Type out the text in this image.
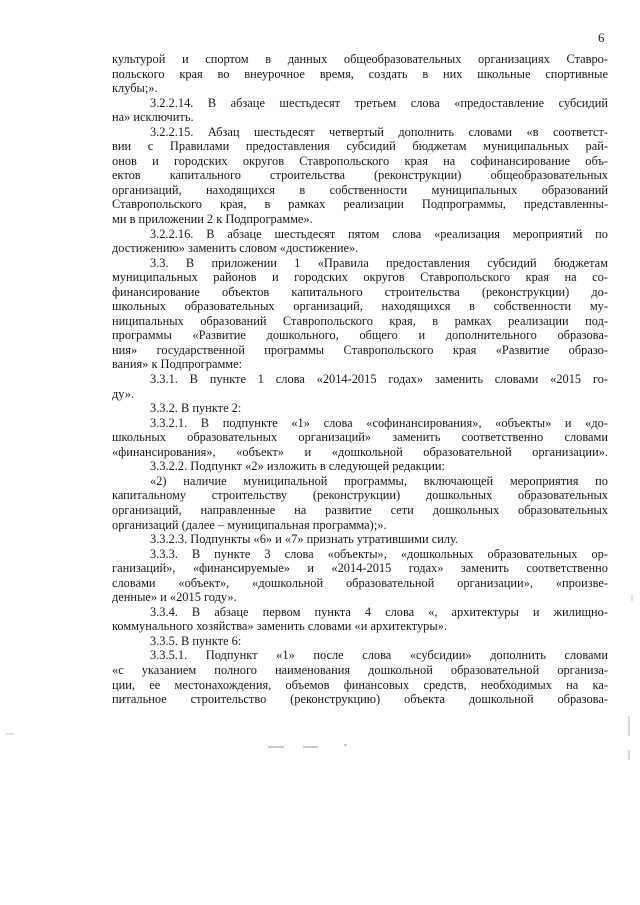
6
культурой и спортом в данных общеобразовательных организациях Ставро-
польского края во внеурочное время, создать в них школьные спортивные
клубы;».
3.2.2.14. В абзаце шестьдесят третьем слова «предоставление субсидий
на» исключить.
3.2.2.15. Абзац шестьдесят четвертый дополнить словами «в соответст-
вии с Правилами предоставления субсидий бюджетам муниципальных рай-
онов и городских округов Ставропольского края на софинансирование объ-
ектов капитального строительства (реконструкции) общеобразовательных
организаций, находящихся в собственности муниципальных образований
Ставропольского края, в рамках реализации Подпрограммы, представленны-
ми в приложении 2 к Подпрограмме».
3.2.2.16. В абзаце шестьдесят пятом слова «реализация мероприятий по
достижению» заменить словом «достижение».
3.3. В приложении 1 «Правила предоставления субсидий бюджетам
муниципальных районов и городских округов Ставропольского края на со-
финансирование объектов капитального строительства (реконструкции) до-
школьных образовательных организаций, находящихся в собственности му-
ниципальных образований Ставропольского края, в рамках реализации под-
программы «Развитие дошкольного, общего и дополнительного образова-
ния» государственной программы Ставропольского края «Развитие образо-
вания» к Подпрограмме:
3.3.1. В пункте 1 слова «2014-2015 годах» заменить словами «2015 го-
ду».
3.3.2. В пункте 2:
3.3.2.1. В подпункте «1» слова «софинансирования», «объекты» и «до-
школьных образовательных организаций» заменить соответственно словами
«финансирования», «объект» и «дошкольной образовательной организации».
3.3.2.2. Подпункт «2» изложить в следующей редакции:
«2) наличие муниципальной программы, включающей мероприятия по
капитальному строительству (реконструкции) дошкольных образовательных
организаций, направленные на развитие сети дошкольных образовательных
организаций (далее – муниципальная программа);».
3.3.2.3. Подпункты «6» и «7» признать утратившими силу.
3.3.3. В пункте 3 слова «объекты», «дошкольных образовательных ор-
ганизаций», «финансируемые» и «2014-2015 годах» заменить соответственно
словами «объект», «дошкольной образовательной организации», «произве-
денные» и «2015 году».
3.3.4. В абзаце первом пункта 4 слова «, архитектуры и жилищно-
коммунального хозяйства» заменить словами «и архитектуры».
3.3.5. В пункте 6:
3.3.5.1. Подпункт «1» после слова «субсидии» дополнить словами
«с указанием полного наименования дошкольной образовательной организа-
ции, ее местонахождения, объемов финансовых средств, необходимых на ка-
питальное строительство (реконструкцию) объекта дошкольной образова-
